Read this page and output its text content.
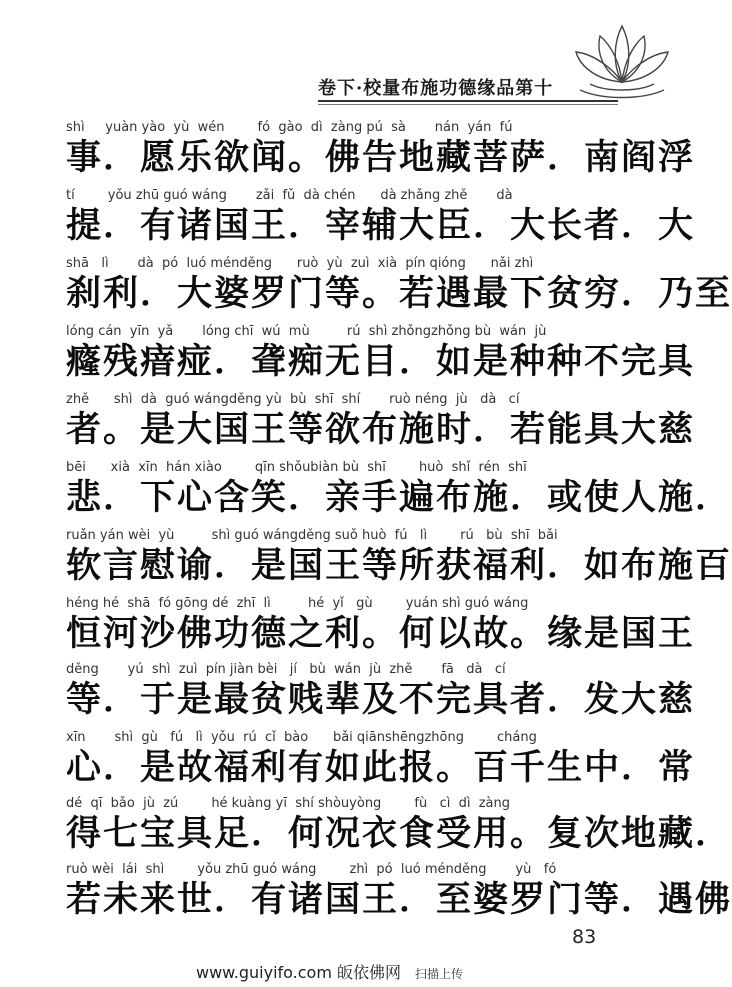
卷下·校量布施功德缘品第十
shì     yuàn yào  yù  wén        fó  gào  dì  zàng pú  sà       nán  yán  fú
事．愿乐欲闻。佛告地藏菩萨．南阎浮
tí        yǒu zhū guó wáng       zǎi  fǔ  dà chén      dà zhǎng zhě       dà
提．有诸国王．宰辅大臣．大长者．大
shā   lì       dà  pó  luó ménděng      ruò  yù  zuì  xià  pín qióng      nǎi zhì
刹利．大婆罗门等。若遇最下贫穷．乃至
lóng cán  yīn  yǎ       lóng chī  wú  mù         rú  shì zhǒngzhǒng bù  wán  jù
癃残瘖痖．聋痴无目．如是种种不完具
zhě      shì  dà  guó wángděng yù  bù  shī  shí       ruò néng  jù   dà   cí
者。是大国王等欲布施时．若能具大慈
bēi      xià  xīn  hán xiào        qīn shǒubiàn bù  shī        huò  shǐ  rén  shī
悲．下心含笑．亲手遍布施．或使人施．
ruǎn yán wèi  yù         shì guó wángděng suǒ huò  fú   lì        rú   bù  shī  bǎi
软言慰谕．是国王等所获福利．如布施百
héng hé  shā  fó gōng dé  zhī  lì         hé  yǐ   gù        yuán shì guó wáng
恒河沙佛功德之利。何以故。缘是国王
děng       yú  shì  zuì  pín jiàn bèi   jí   bù  wán  jù  zhě       fā   dà   cí
等．于是最贫贱辈及不完具者．发大慈
xīn       shì  gù   fú   lì  yǒu  rú  cǐ  bào      bǎi qiānshēngzhōng        cháng
心．是故福利有如此报。百千生中．常
dé  qī  bǎo  jù  zú        hé kuàng yī  shí shòuyòng        fù   cì  dì  zàng
得七宝具足．何况衣食受用。复次地藏．
ruò wèi  lái  shì        yǒu zhū guó wáng        zhì  pó  luó ménděng       yù   fó
若未来世．有诸国王．至婆罗门等．遇佛
83
www.guiyifo.com 皈依佛网 扫描上传
